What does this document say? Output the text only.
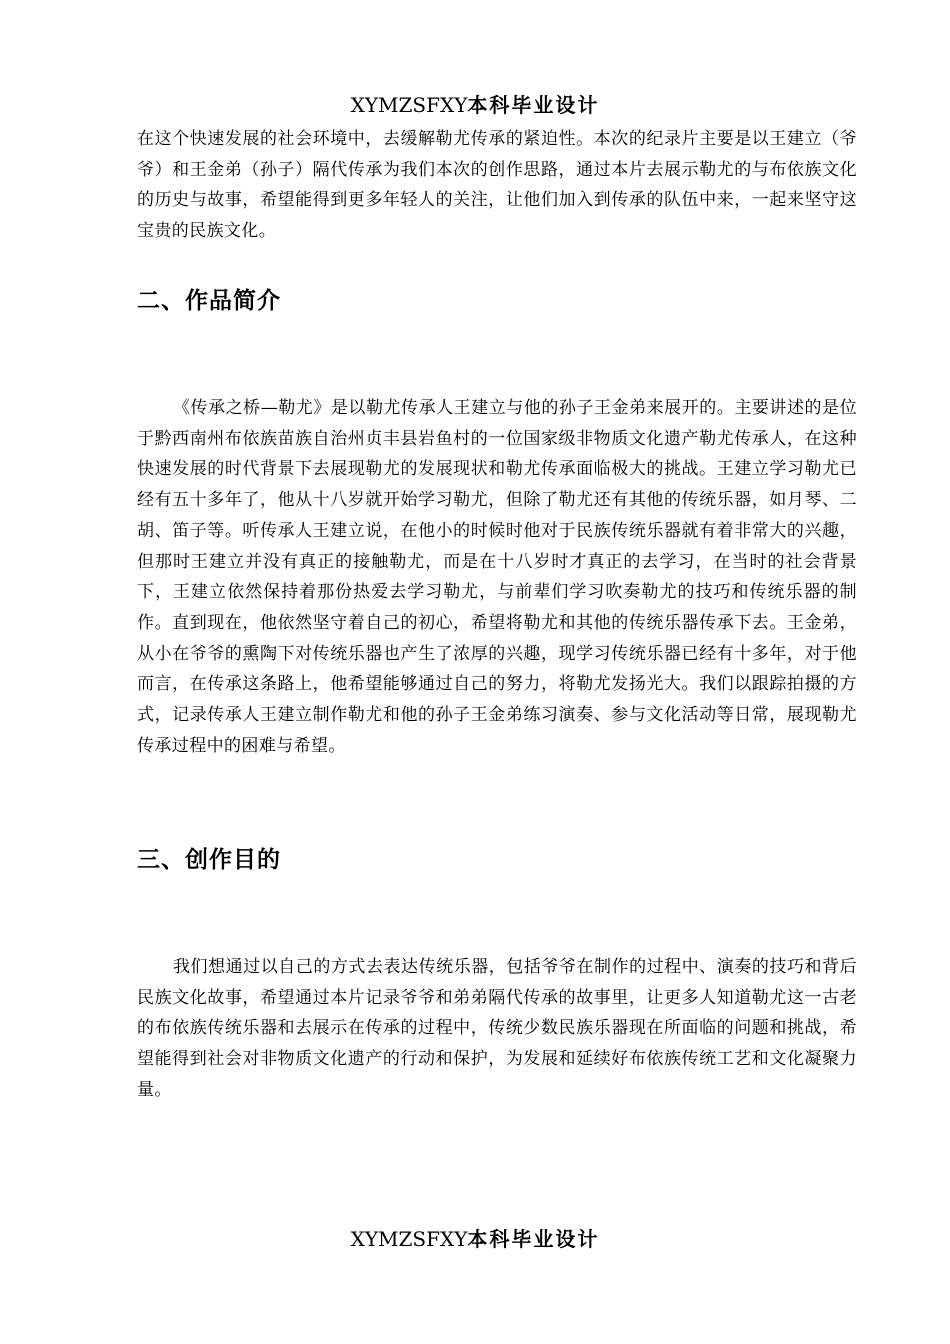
XYMZSFXY本科毕业设计

在这个快速发展的社会环境中，去缓解勒尤传承的紧迫性。本次的纪录片主要是以王建立（爷爷）和王金弟（孙子）隔代传承为我们本次的创作思路，通过本片去展示勒尤的与布依族文化的历史与故事，希望能得到更多年轻人的关注，让他们加入到传承的队伍中来，一起来坚守这宝贵的民族文化。

二、作品简介

《传承之桥—勒尤》是以勒尤传承人王建立与他的孙子王金弟来展开的。主要讲述的是位于黔西南州布依族苗族自治州贞丰县岩鱼村的一位国家级非物质文化遗产勒尤传承人，在这种快速发展的时代背景下去展现勒尤的发展现状和勒尤传承面临极大的挑战。王建立学习勒尤已经有五十多年了，他从十八岁就开始学习勒尤，但除了勒尤还有其他的传统乐器，如月琴、二胡、笛子等。听传承人王建立说，在他小的时候时他对于民族传统乐器就有着非常大的兴趣，但那时王建立并没有真正的接触勒尤，而是在十八岁时才真正的去学习，在当时的社会背景下，王建立依然保持着那份热爱去学习勒尤，与前辈们学习吹奏勒尤的技巧和传统乐器的制作。直到现在，他依然坚守着自己的初心，希望将勒尤和其他的传统乐器传承下去。王金弟，从小在爷爷的熏陶下对传统乐器也产生了浓厚的兴趣，现学习传统乐器已经有十多年，对于他而言，在传承这条路上，他希望能够通过自己的努力，将勒尤发扬光大。我们以跟踪拍摄的方式，记录传承人王建立制作勒尤和他的孙子王金弟练习演奏、参与文化活动等日常，展现勒尤传承过程中的困难与希望。

三、创作目的

我们想通过以自己的方式去表达传统乐器，包括爷爷在制作的过程中、演奏的技巧和背后民族文化故事，希望通过本片记录爷爷和弟弟隔代传承的故事里，让更多人知道勒尤这一古老的布依族传统乐器和去展示在传承的过程中，传统少数民族乐器现在所面临的问题和挑战，希望能得到社会对非物质文化遗产的行动和保护，为发展和延续好布依族传统工艺和文化凝聚力量。

XYMZSFXY本科毕业设计
